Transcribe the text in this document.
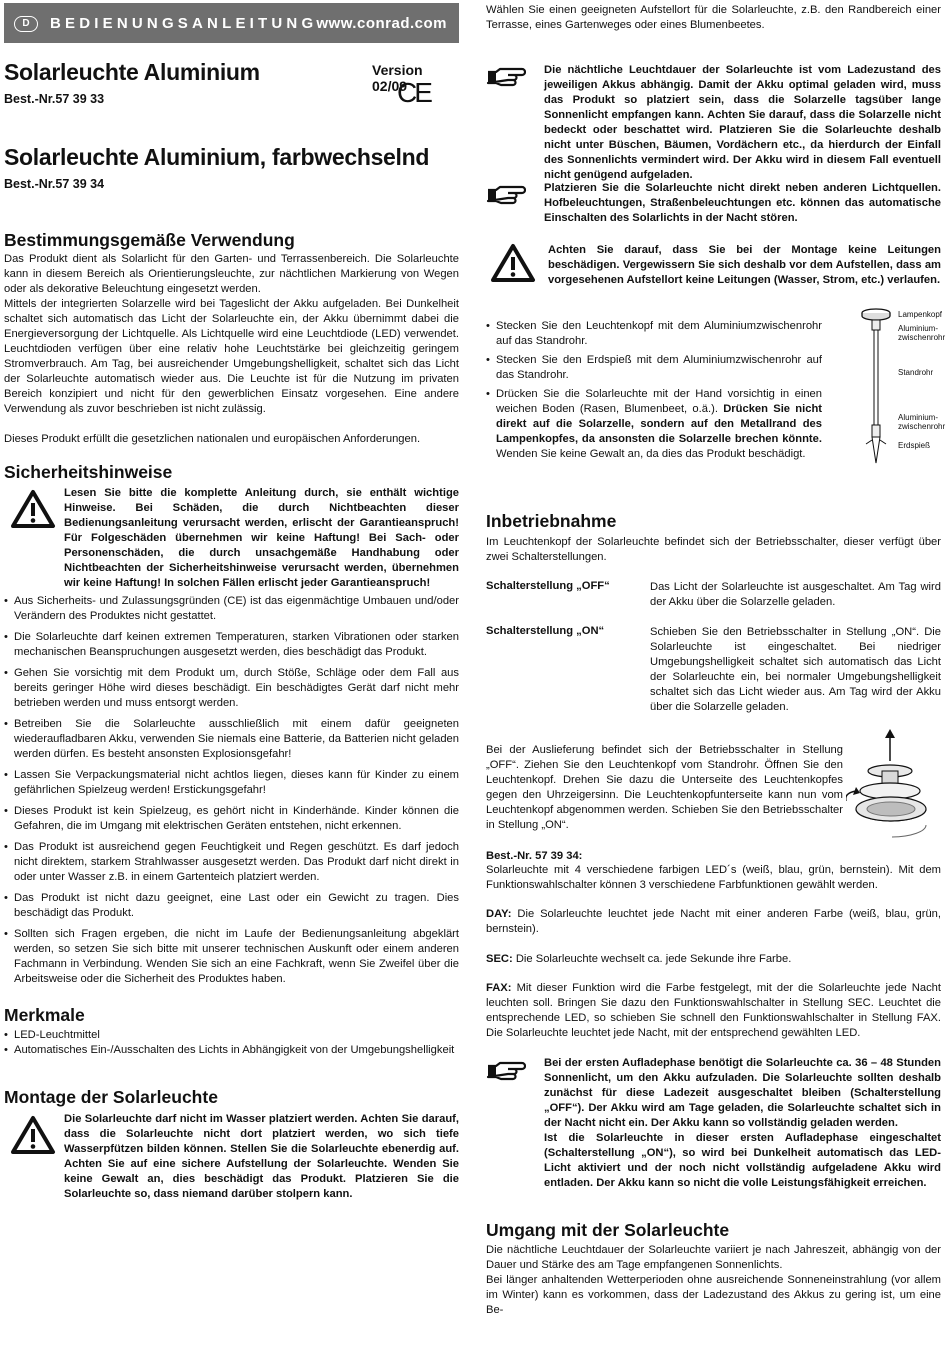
D	BEDIENUNGSANLEITUNG www.conrad.com
Solarleuchte Aluminium
Best.-Nr.57 39 33
Version 02/09
CE
Solarleuchte Aluminium, farbwechselnd
Best.-Nr.57 39 34
Bestimmungsgemäße Verwendung

Das Produkt dient als Solarlicht für den Garten- und Terrassenbereich. Die Solarleuchte kann in diesem Bereich als Orientierungsleuchte, zur nächtlichen Markierung von Wegen oder als dekorative Beleuchtung eingesetzt werden.

Mittels der integrierten Solarzelle wird bei Tageslicht der Akku aufgeladen. Bei Dunkelheit schaltet sich automatisch das Licht der Solarleuchte ein, der Akku übernimmt dabei die Energieversorgung der Lichtquelle. Als Lichtquelle wird eine Leuchtdiode (LED) verwendet. Leuchtdioden verfügen über eine relativ hohe Leuchtstärke bei gleichzeitig geringem Stromverbrauch. Am Tag, bei ausreichender Umgebungshelligkeit, schaltet sich das Licht der Solarleuchte automatisch wieder aus. Die Leuchte ist für die Nutzung im privaten Bereich konzipiert und nicht für den gewerblichen Einsatz vorgesehen. Eine andere Verwendung als zuvor beschrieben ist nicht zulässig.

Dieses Produkt erfüllt die gesetzlichen nationalen und europäischen Anforderungen.

Sicherheitshinweise
Lesen Sie bitte die komplette Anleitung durch, sie enthält wichtige Hinweise. Bei Schäden, die durch Nichtbeachten dieser Bedienungsanleitung verursacht werden, erlischt der Garantieanspruch! Für Folgeschäden übernehmen wir keine Haftung! Bei Sach- oder Personenschäden, die durch unsachgemäße Handhabung oder Nichtbeachten der Sicherheitshinweise verursacht werden, übernehmen wir keine Haftung! In solchen Fällen erlischt jeder Garantieanspruch!
• Aus Sicherheits- und Zulassungsgründen (CE) ist das eigenmächtige Umbauen und/oder Verändern des Produktes nicht gestattet.
• Die Solarleuchte darf keinen extremen Temperaturen, starken Vibrationen oder starken mechanischen Beanspruchungen ausgesetzt werden, dies beschädigt das Produkt.
• Gehen Sie vorsichtig mit dem Produkt um, durch Stöße, Schläge oder dem Fall aus bereits geringer Höhe wird dieses beschädigt. Ein beschädigtes Gerät darf nicht mehr betrieben werden und muss entsorgt werden.
• Betreiben Sie die Solarleuchte ausschließlich mit einem dafür geeigneten wiederaufladbaren Akku, verwenden Sie niemals eine Batterie, da Batterien nicht geladen werden dürfen. Es besteht ansonsten Explosionsgefahr!
• Lassen Sie Verpackungsmaterial nicht achtlos liegen, dieses kann für Kinder zu einem gefährlichen Spielzeug werden! Erstickungsgefahr!
• Dieses Produkt ist kein Spielzeug, es gehört nicht in Kinderhände. Kinder können die Gefahren, die im Umgang mit elektrischen Geräten entstehen, nicht erkennen.
• Das Produkt ist ausreichend gegen Feuchtigkeit und Regen geschützt. Es darf jedoch nicht direktem, starkem Strahlwasser ausgesetzt werden. Das Produkt darf nicht direkt in oder unter Wasser z.B. in einem Gartenteich platziert werden.
• Das Produkt ist nicht dazu geeignet, eine Last oder ein Gewicht zu tragen. Dies beschädigt das Produkt.
• Sollten sich Fragen ergeben, die nicht im Laufe der Bedienungsanleitung abgeklärt werden, so setzen Sie sich bitte mit unserer technischen Auskunft oder einem anderen Fachmann in Verbindung. Wenden Sie sich an eine Fachkraft, wenn Sie Zweifel über die Arbeitsweise oder die Sicherheit des Produktes haben.
Merkmale
• LED-Leuchtmittel
• Automatisches Ein-/Ausschalten des Lichts in Abhängigkeit von der Umgebungshelligkeit
Montage der Solarleuchte
Die Solarleuchte darf nicht im Wasser platziert werden. Achten Sie darauf, dass die Solarleuchte nicht dort platziert werden, wo sich tiefe Wasserpfützen bilden können. Stellen Sie die Solarleuchte ebenerdig auf. Achten Sie auf eine sichere Aufstellung der Solarleuchte. Wenden Sie keine Gewalt an, dies beschädigt das Produkt. Platzieren Sie die Solarleuchte so, dass niemand darüber stolpern kann.

Wählen Sie einen geeigneten Aufstellort für die Solarleuchte, z.B. den Randbereich einer Terrasse, eines Gartenweges oder eines Blumenbeetes.

Die nächtliche Leuchtdauer der Solarleuchte ist vom Ladezustand des jeweiligen Akkus abhängig. Damit der Akku optimal geladen wird, muss das Produkt so platziert sein, dass die Solarzelle tagsüber lange Sonnenlicht empfangen kann. Achten Sie darauf, dass die Solarzelle nicht bedeckt oder beschattet wird. Platzieren Sie die Solarleuchte deshalb nicht unter Büschen, Bäumen, Vordächern etc., da hierdurch der Einfall des Sonnenlichts vermindert wird. Der Akku wird in diesem Fall eventuell nicht genügend aufgeladen.
Platzieren Sie die Solarleuchte nicht direkt neben anderen Lichtquellen. Hofbeleuchtungen, Straßenbeleuchtungen etc. können das automatische Einschalten des Solarlichts in der Nacht stören.
Achten Sie darauf, dass Sie bei der Montage keine Leitungen beschädigen. Vergewissern Sie sich deshalb vor dem Aufstellen, dass am vorgesehenen Aufstellort keine Leitungen (Wasser, Strom, etc.) verlaufen.
• Stecken Sie den Leuchtenkopf mit dem Aluminiumzwischenrohr auf das Standrohr.
• Stecken Sie den Erdspieß mit dem Aluminiumzwischenrohr auf das Standrohr.
• Drücken Sie die Solarleuchte mit der Hand vorsichtig in einen weichen Boden (Rasen, Blumenbeet, o.ä.). Drücken Sie nicht direkt auf die Solarzelle, sondern auf den Metallrand des Lampenkopfes, da ansonsten die Solarzelle brechen könnte. Wenden Sie keine Gewalt an, da dies das Produkt beschädigt.
Lampenkopf
Aluminium-zwischenrohr
Standrohr
Aluminium-zwischenrohr
Erdspieß
Inbetriebnahme

Im Leuchtenkopf der Solarleuchte befindet sich der Betriebsschalter, dieser verfügt über zwei Schalterstellungen.

Schalterstellung „OFF“	Das Licht der Solarleuchte ist ausgeschaltet. Am Tag wird der Akku über die Solarzelle geladen.

Schalterstellung „ON“	Schieben Sie den Betriebsschalter in Stellung „ON“. Die Solarleuchte ist eingeschaltet. Bei niedriger Umgebungshelligkeit schaltet sich automatisch das Licht der Solarleuchte ein, bei normaler Umgebungshelligkeit schaltet sich das Licht wieder aus. Am Tag wird der Akku über die Solarzelle geladen.

Bei der Auslieferung befindet sich der Betriebsschalter in Stellung „OFF“. Ziehen Sie den Leuchtenkopf vom Standrohr. Öffnen Sie den Leuchtenkopf. Drehen Sie dazu die Unterseite des Leuchtenkopfes gegen den Uhrzeigersinn. Die Leuchtenkopfunterseite kann nun vom Leuchtenkopf abgenommen werden. Schieben Sie den Betriebsschalter in Stellung „ON“.

Best.-Nr. 57 39 34:

Solarleuchte mit 4 verschiedene farbigen LED´s (weiß, blau, grün, bernstein). Mit dem Funktionswahlschalter können 3 verschiedene Farbfunktionen gewählt werden.

DAY: Die Solarleuchte leuchtet jede Nacht mit einer anderen Farbe (weiß, blau, grün, bernstein).

SEC: Die Solarleuchte wechselt ca. jede Sekunde ihre Farbe.

FAX: Mit dieser Funktion wird die Farbe festgelegt, mit der die Solarleuchte jede Nacht leuchten soll. Bringen Sie dazu den Funktionswahlschalter in Stellung SEC. Leuchtet die entsprechende LED, so schieben Sie schnell den Funktionswahlschalter in Stellung FAX. Die Solarleuchte leuchtet jede Nacht, mit der entsprechend gewählten LED.

Bei der ersten Aufladephase benötigt die Solarleuchte ca. 36 – 48 Stunden Sonnenlicht, um den Akku aufzuladen. Die Solarleuchte sollten deshalb zunächst für diese Ladezeit ausgeschaltet bleiben (Schalterstellung „OFF“). Der Akku wird am Tage geladen, die Solarleuchte schaltet sich in der Nacht nicht ein. Der Akku kann so vollständig geladen werden.
Ist die Solarleuchte in dieser ersten Aufladephase eingeschaltet (Schalterstellung „ON“), so wird bei Dunkelheit automatisch das LED-Licht aktiviert und der noch nicht vollständig aufgeladene Akku wird entladen. Der Akku kann so nicht die volle Leistungsfähigkeit erreichen.
Umgang mit der Solarleuchte

Die nächtliche Leuchtdauer der Solarleuchte variiert je nach Jahreszeit, abhängig von der Dauer und Stärke des am Tage empfangenen Sonnenlichts.

Bei länger anhaltenden Wetterperioden ohne ausreichende Sonneneinstrahlung (vor allem im Winter) kann es vorkommen, dass der Ladezustand des Akkus zu gering ist, um eine Be-
